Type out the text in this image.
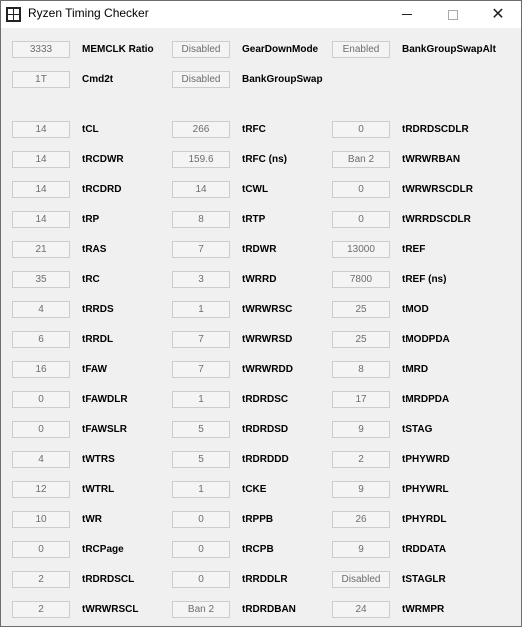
Ryzen Timing Checker	✕
3333	MEMCLK Ratio	Disabled	GearDownMode	Enabled	BankGroupSwapAlt
1T	Cmd2t	Disabled	BankGroupSwap
14	tCL	266	tRFC	0	tRDRDSCDLR
14	tRCDWR	159.6	tRFC (ns)	Ban 2	tWRWRBAN
14	tRCDRD	14	tCWL	0	tWRWRSCDLR
14	tRP	8	tRTP	0	tWRRDSCDLR
21	tRAS	7	tRDWR	13000	tREF
35	tRC	3	tWRRD	7800	tREF (ns)
4	tRRDS	1	tWRWRSC	25	tMOD
6	tRRDL	7	tWRWRSD	25	tMODPDA
16	tFAW	7	tWRWRDD	8	tMRD
0	tFAWDLR	1	tRDRDSC	17	tMRDPDA
0	tFAWSLR	5	tRDRDSD	9	tSTAG
4	tWTRS	5	tRDRDDD	2	tPHYWRD
12	tWTRL	1	tCKE	9	tPHYWRL
10	tWR	0	tRPPB	26	tPHYRDL
0	tRCPage	0	tRCPB	9	tRDDATA
2	tRDRDSCL	0	tRRDDLR	Disabled	tSTAGLR
2	tWRWRSCL	Ban 2	tRDRDBAN	24	tWRMPR
